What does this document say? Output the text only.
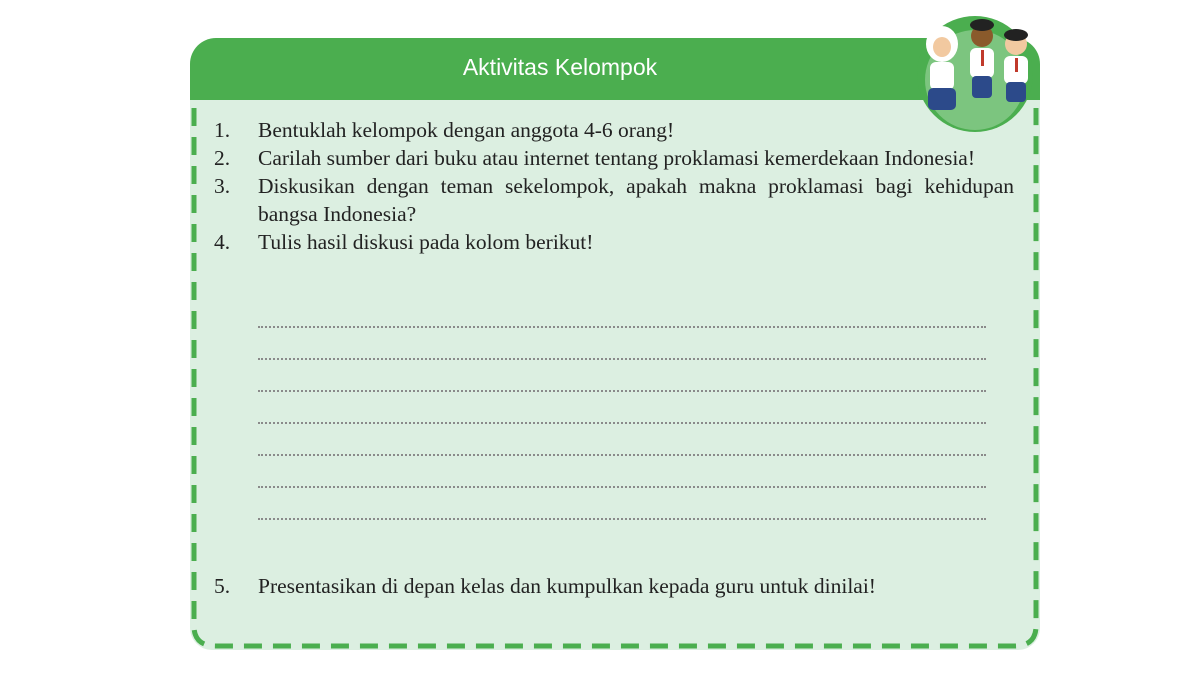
Aktivitas Kelompok
1.	Bentuklah kelompok dengan anggota 4-6 orang!
2.	Carilah sumber dari buku atau internet tentang proklamasi kemerdekaan Indonesia!
3.	Diskusikan dengan teman sekelompok, apakah makna proklamasi bagi kehidupan bangsa Indonesia?
4.	Tulis hasil diskusi pada kolom berikut!
5.	Presentasikan di depan kelas dan kumpulkan kepada guru untuk dinilai!
